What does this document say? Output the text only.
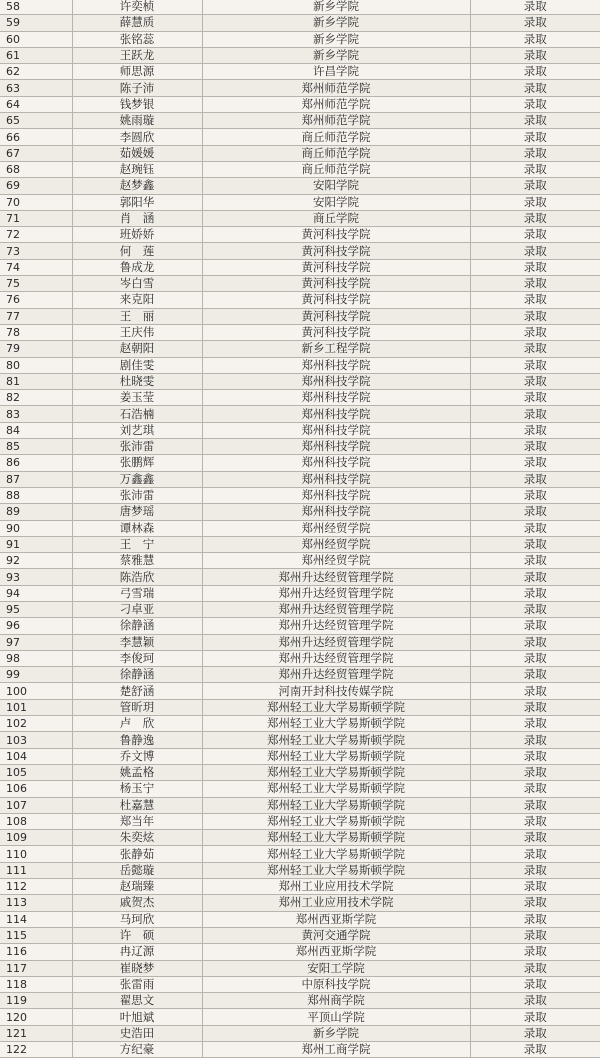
58	许奕桢	新乡学院	录取
59	薛慧质	新乡学院	录取
60	张铭蕊	新乡学院	录取
61	王跃龙	新乡学院	录取
62	师思源	许昌学院	录取
63	陈子沛	郑州师范学院	录取
64	钱梦银	郑州师范学院	录取
65	姚雨璇	郑州师范学院	录取
66	李圆欣	商丘师范学院	录取
67	茹媛媛	商丘师范学院	录取
68	赵琬钰	商丘师范学院	录取
69	赵梦鑫	安阳学院	录取
70	郭阳华	安阳学院	录取
71	肖　涵	商丘学院	录取
72	班娇娇	黄河科技学院	录取
73	何　莲	黄河科技学院	录取
74	鲁成龙	黄河科技学院	录取
75	岑白雪	黄河科技学院	录取
76	来克阳	黄河科技学院	录取
77	王　丽	黄河科技学院	录取
78	王庆伟	黄河科技学院	录取
79	赵朝阳	新乡工程学院	录取
80	剧佳雯	郑州科技学院	录取
81	杜晓雯	郑州科技学院	录取
82	姜玉莹	郑州科技学院	录取
83	石浩楠	郑州科技学院	录取
84	刘艺琪	郑州科技学院	录取
85	张沛雷	郑州科技学院	录取
86	张鹏辉	郑州科技学院	录取
87	万鑫鑫	郑州科技学院	录取
88	张沛雷	郑州科技学院	录取
89	唐梦瑶	郑州科技学院	录取
90	谭林森	郑州经贸学院	录取
91	王　宁	郑州经贸学院	录取
92	蔡雅慧	郑州经贸学院	录取
93	陈浩欣	郑州升达经贸管理学院	录取
94	弓雪瑞	郑州升达经贸管理学院	录取
95	刁卓亚	郑州升达经贸管理学院	录取
96	徐静涵	郑州升达经贸管理学院	录取
97	李慧颖	郑州升达经贸管理学院	录取
98	李俊珂	郑州升达经贸管理学院	录取
99	徐静涵	郑州升达经贸管理学院	录取
100	楚舒涵	河南开封科技传媒学院	录取
101	管昕玥	郑州轻工业大学易斯顿学院	录取
102	卢　欣	郑州轻工业大学易斯顿学院	录取
103	鲁静逸	郑州轻工业大学易斯顿学院	录取
104	乔文博	郑州轻工业大学易斯顿学院	录取
105	姚孟格	郑州轻工业大学易斯顿学院	录取
106	杨玉宁	郑州轻工业大学易斯顿学院	录取
107	杜嘉慧	郑州轻工业大学易斯顿学院	录取
108	郑当年	郑州轻工业大学易斯顿学院	录取
109	朱奕炫	郑州轻工业大学易斯顿学院	录取
110	张静茹	郑州轻工业大学易斯顿学院	录取
111	岳懿璇	郑州轻工业大学易斯顿学院	录取
112	赵瑞臻	郑州工业应用技术学院	录取
113	戚贺杰	郑州工业应用技术学院	录取
114	马珂欣	郑州西亚斯学院	录取
115	许　硕	黄河交通学院	录取
116	冉辽源	郑州西亚斯学院	录取
117	崔晓梦	安阳工学院	录取
118	张雷雨	中原科技学院	录取
119	翟思文	郑州商学院	录取
120	叶旭斌	平顶山学院	录取
121	史浩田	新乡学院	录取
122	方纪豪	郑州工商学院	录取
